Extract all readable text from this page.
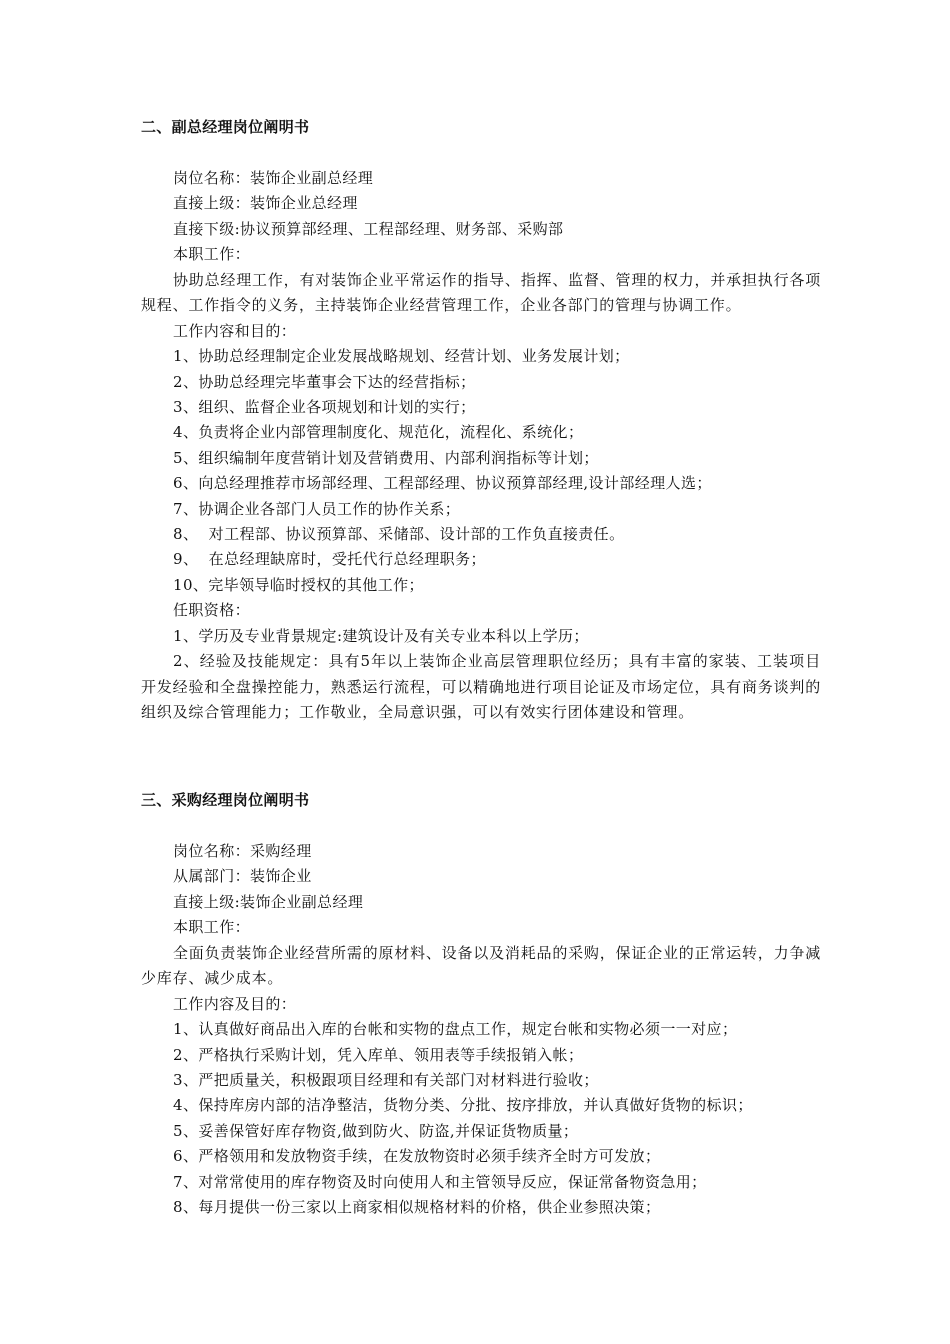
二、副总经理岗位阐明书

岗位名称：装饰企业副总经理

直接上级：装饰企业总经理

直接下级:协议预算部经理、工程部经理、财务部、采购部

本职工作：

协助总经理工作，有对装饰企业平常运作的指导、指挥、监督、管理的权力，并承担执行各项规程、工作指令的义务，主持装饰企业经营管理工作，企业各部门的管理与协调工作。

工作内容和目的：

1、协助总经理制定企业发展战略规划、经营计划、业务发展计划；

2、协助总经理完毕董事会下达的经营指标；

3、组织、监督企业各项规划和计划的实行；

4、负责将企业内部管理制度化、规范化，流程化、系统化；

5、组织编制年度营销计划及营销费用、内部利润指标等计划；

6、向总经理推荐市场部经理、工程部经理、协议预算部经理,设计部经理人选；

7、协调企业各部门人员工作的协作关系；

8、  对工程部、协议预算部、采储部、设计部的工作负直接责任。

9、  在总经理缺席时，受托代行总经理职务；

10、完毕领导临时授权的其他工作；

任职资格：

1、学历及专业背景规定:建筑设计及有关专业本科以上学历；

2、经验及技能规定：具有5年以上装饰企业高层管理职位经历；具有丰富的家装、工装项目开发经验和全盘操控能力，熟悉运行流程，可以精确地进行项目论证及市场定位，具有商务谈判的组织及综合管理能力；工作敬业，全局意识强，可以有效实行团体建设和管理。

三、采购经理岗位阐明书

岗位名称：采购经理

从属部门：装饰企业

直接上级:装饰企业副总经理

本职工作：

全面负责装饰企业经营所需的原材料、设备以及消耗品的采购，保证企业的正常运转，力争减少库存、减少成本。

工作内容及目的：

1、认真做好商品出入库的台帐和实物的盘点工作，规定台帐和实物必须一一对应；

2、严格执行采购计划，凭入库单、领用表等手续报销入帐；

3、严把质量关，积极跟项目经理和有关部门对材料进行验收；

4、保持库房内部的洁净整洁，货物分类、分批、按序排放，并认真做好货物的标识；

5、妥善保管好库存物资,做到防火、防盗,并保证货物质量；

6、严格领用和发放物资手续，在发放物资时必须手续齐全时方可发放；

7、对常常使用的库存物资及时向使用人和主管领导反应，保证常备物资急用；

8、每月提供一份三家以上商家相似规格材料的价格，供企业参照决策；
